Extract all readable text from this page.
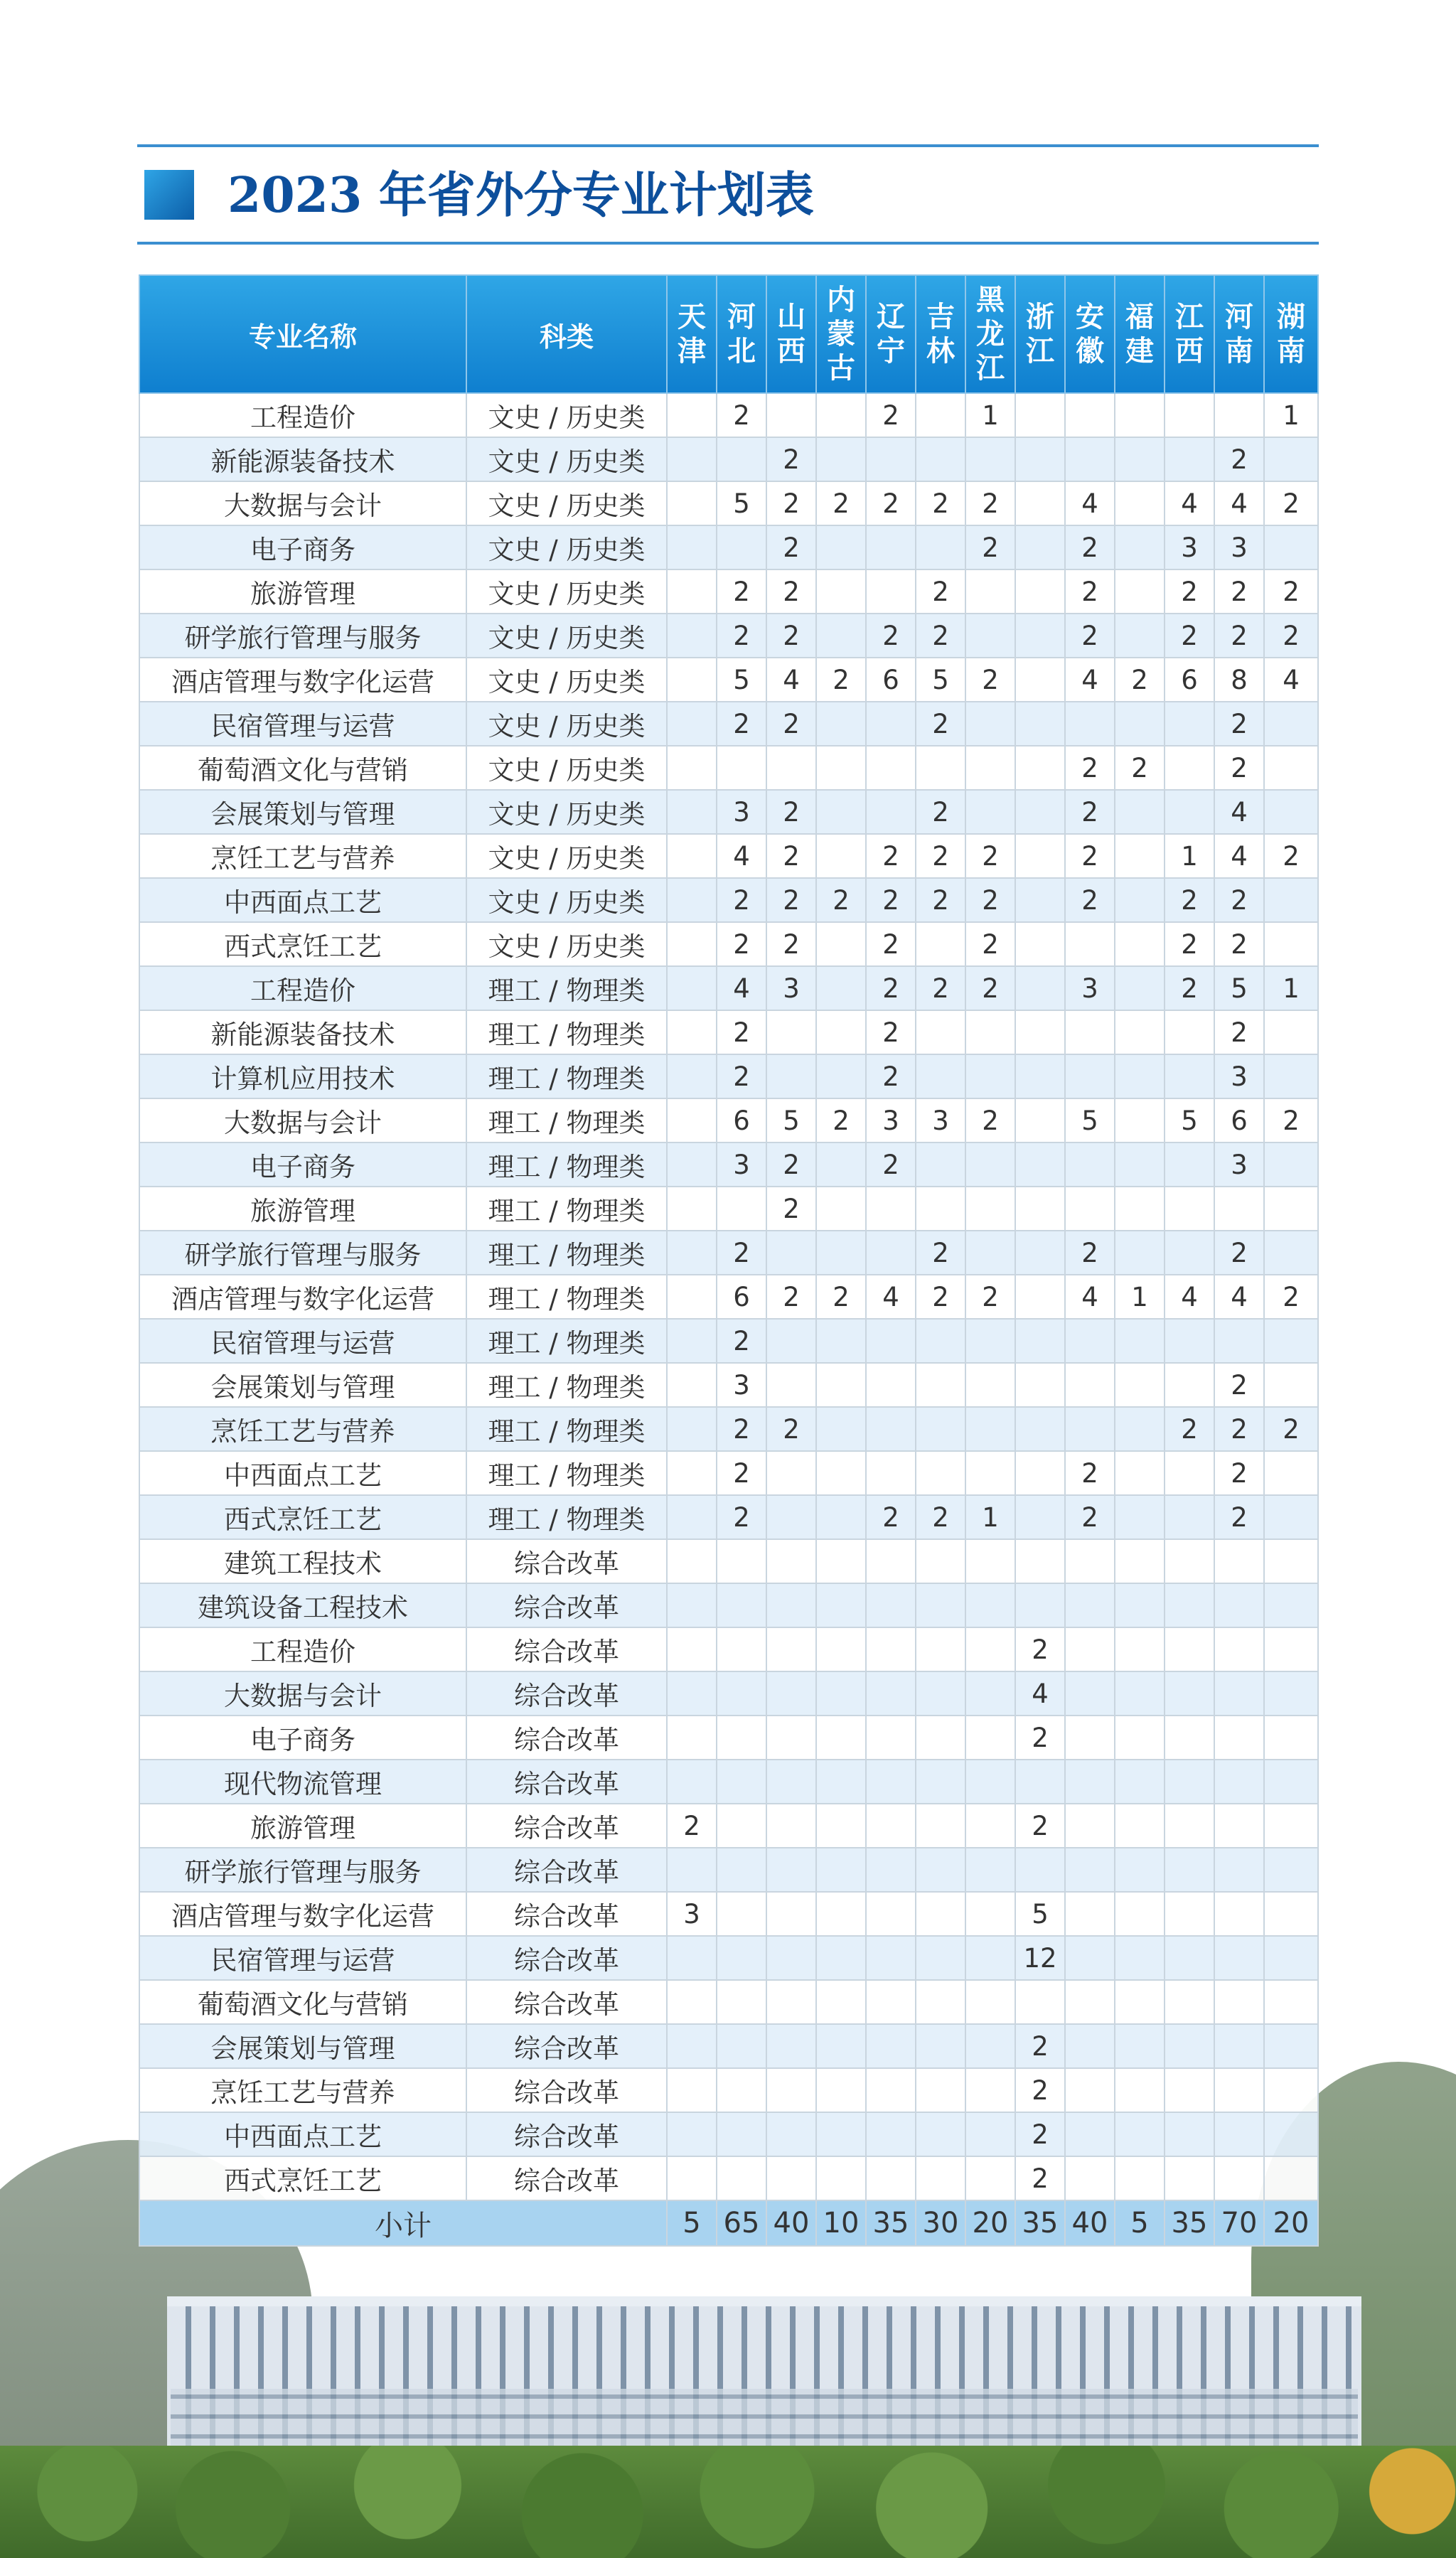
2023 年省外分专业计划表
专业名称	科类	天津	河北	山西	内蒙古	辽宁	吉林	黑龙江	浙江	安徽	福建	江西	河南	湖南
工程造价	文史 / 历史类		2			2		1						1
新能源装备技术	文史 / 历史类			2									2	
大数据与会计	文史 / 历史类		5	2	2	2	2	2		4		4	4	2
电子商务	文史 / 历史类			2				2		2		3	3	
旅游管理	文史 / 历史类		2	2			2			2		2	2	2
研学旅行管理与服务	文史 / 历史类		2	2		2	2			2		2	2	2
酒店管理与数字化运营	文史 / 历史类		5	4	2	6	5	2		4	2	6	8	4
民宿管理与运营	文史 / 历史类		2	2			2						2	
葡萄酒文化与营销	文史 / 历史类									2	2		2	
会展策划与管理	文史 / 历史类		3	2			2			2			4	
烹饪工艺与营养	文史 / 历史类		4	2		2	2	2		2		1	4	2
中西面点工艺	文史 / 历史类		2	2	2	2	2	2		2		2	2	
西式烹饪工艺	文史 / 历史类		2	2		2		2				2	2	
工程造价	理工 / 物理类		4	3		2	2	2		3		2	5	1
新能源装备技术	理工 / 物理类		2			2							2	
计算机应用技术	理工 / 物理类		2			2							3	
大数据与会计	理工 / 物理类		6	5	2	3	3	2		5		5	6	2
电子商务	理工 / 物理类		3	2		2							3	
旅游管理	理工 / 物理类			2										
研学旅行管理与服务	理工 / 物理类		2				2			2			2	
酒店管理与数字化运营	理工 / 物理类		6	2	2	4	2	2		4	1	4	4	2
民宿管理与运营	理工 / 物理类		2											
会展策划与管理	理工 / 物理类		3										2	
烹饪工艺与营养	理工 / 物理类		2	2								2	2	2
中西面点工艺	理工 / 物理类		2							2			2	
西式烹饪工艺	理工 / 物理类		2			2	2	1		2			2	
建筑工程技术	综合改革													
建筑设备工程技术	综合改革													
工程造价	综合改革								2					
大数据与会计	综合改革								4					
电子商务	综合改革								2					
现代物流管理	综合改革													
旅游管理	综合改革	2							2					
研学旅行管理与服务	综合改革													
酒店管理与数字化运营	综合改革	3							5					
民宿管理与运营	综合改革								12					
葡萄酒文化与营销	综合改革													
会展策划与管理	综合改革								2					
烹饪工艺与营养	综合改革								2					
中西面点工艺	综合改革								2					
西式烹饪工艺	综合改革								2					
小计		5	65	40	10	35	30	20	35	40	5	35	70	20
